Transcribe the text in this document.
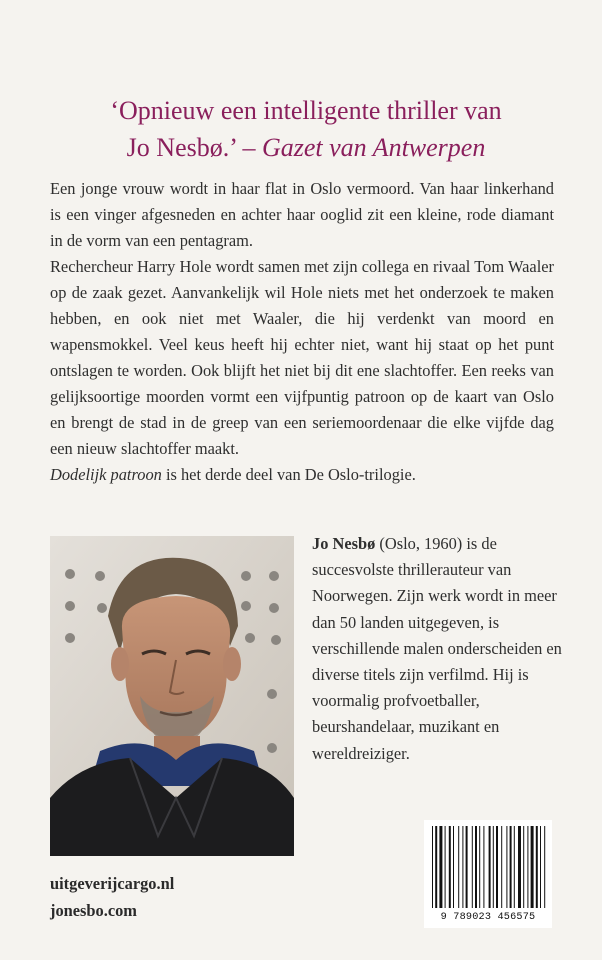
‘Opnieuw een intelligente thriller van
Jo Nesbø.’ – Gazet van Antwerpen

Een jonge vrouw wordt in haar flat in Oslo vermoord. Van haar linkerhand is een vinger afgesneden en achter haar ooglid zit een kleine, rode diamant in de vorm van een pentagram.

Rechercheur Harry Hole wordt samen met zijn collega en rivaal Tom Waaler op de zaak gezet. Aanvankelijk wil Hole niets met het onderzoek te maken hebben, en ook niet met Waaler, die hij verdenkt van moord en wapensmokkel. Veel keus heeft hij echter niet, want hij staat op het punt ontslagen te worden. Ook blijft het niet bij dit ene slachtoffer. Een reeks van gelijksoortige moorden vormt een vijfpuntig patroon op de kaart van Oslo en brengt de stad in de greep van een seriemoordenaar die elke vijfde dag een nieuw slachtoffer maakt.

Dodelijk patroon is het derde deel van De Oslo-trilogie.

Jo Nesbø (Oslo, 1960) is de succesvolste thrillerauteur van Noorwegen. Zijn werk wordt in meer dan 50 landen uitgegeven, is verschillende malen onderscheiden en diverse titels zijn verfilmd. Hij is voormalig profvoetballer, beurshandelaar, muzikant en wereldreiziger.
uitgeverijcargo.nl
jonesbo.com	9 789023 456575
